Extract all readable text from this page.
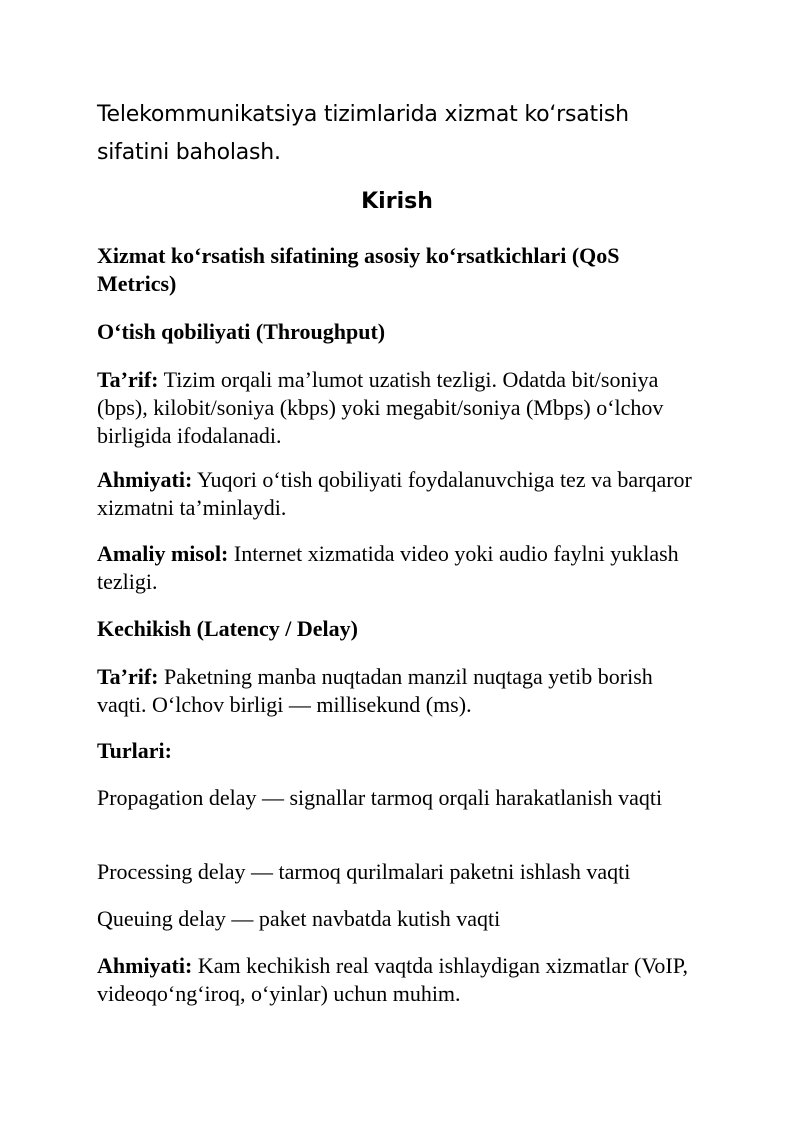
Telekommunikatsiya tizimlarida xizmat ko‘rsatish sifatini baholash.

Kirish

Xizmat ko‘rsatish sifatining asosiy ko‘rsatkichlari (QoS Metrics)

O‘tish qobiliyati (Throughput)

Ta’rif: Tizim orqali ma’lumot uzatish tezligi. Odatda bit/soniya (bps), kilobit/soniya (kbps) yoki megabit/soniya (Mbps) o‘lchov birligida ifodalanadi.

Ahmiyati: Yuqori o‘tish qobiliyati foydalanuvchiga tez va barqaror xizmatni ta’minlaydi.

Amaliy misol: Internet xizmatida video yoki audio faylni yuklash tezligi.

Kechikish (Latency / Delay)

Ta’rif: Paketning manba nuqtadan manzil nuqtaga yetib borish vaqti. O‘lchov birligi — millisekund (ms).

Turlari:

Propagation delay — signallar tarmoq orqali harakatlanish vaqti

Processing delay — tarmoq qurilmalari paketni ishlash vaqti

Queuing delay — paket navbatda kutish vaqti

Ahmiyati: Kam kechikish real vaqtda ishlaydigan xizmatlar (VoIP, videoqo‘ng‘iroq, o‘yinlar) uchun muhim.
